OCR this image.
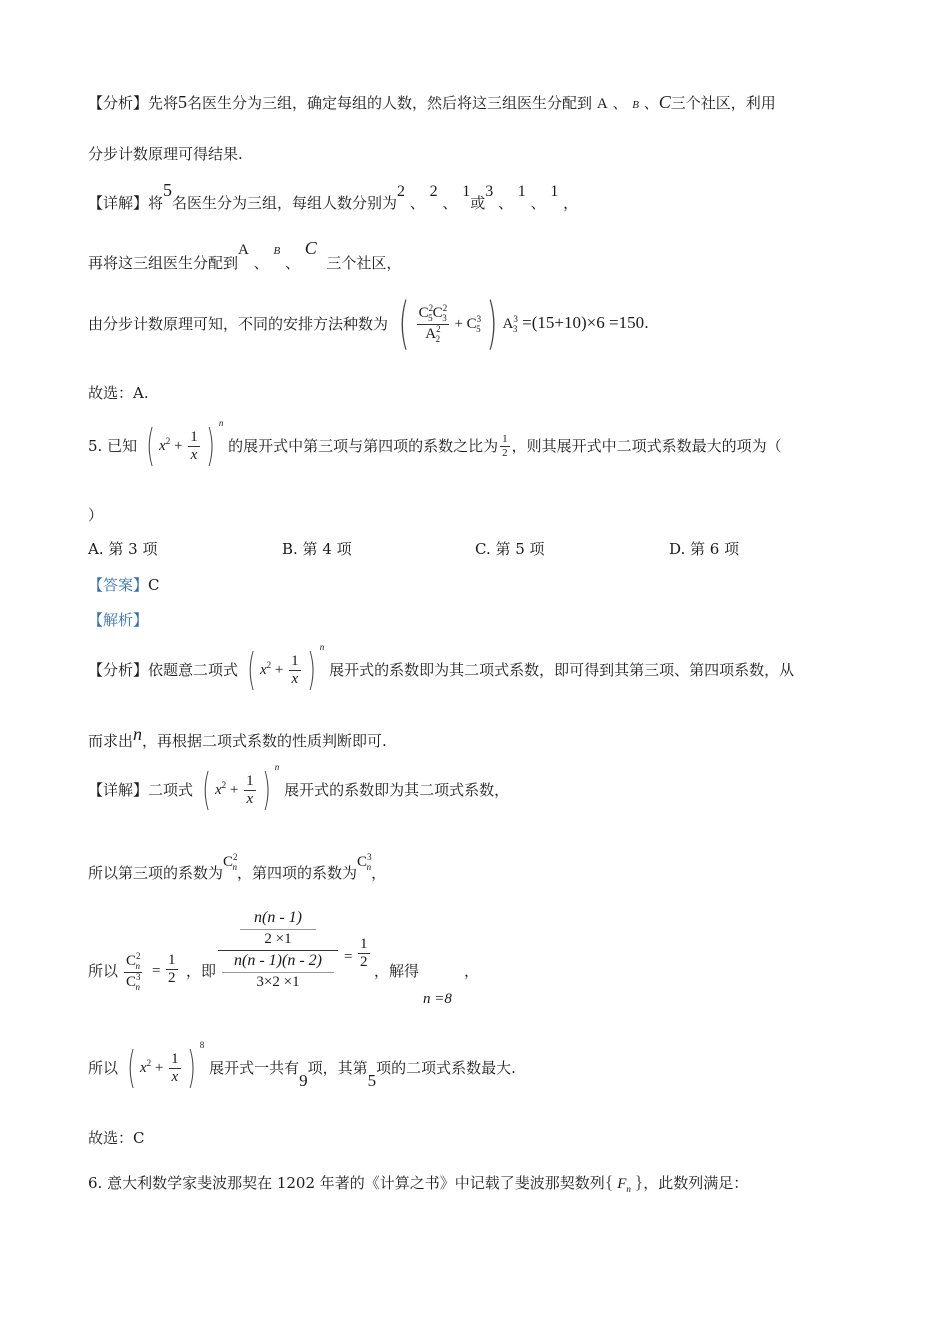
【分析】先将5名医生分为三组，确定每组的人数，然后将这三组医生分配到 A 、 B 、C三个社区，利用
分步计数原理可得结果.
【详解】将5名医生分为三组，每组人数分别为2 、 2 、 1或3 、 1 、 1 ，
再将这三组医生分配到A 、 B 、 C  三个社区，
由分步计数原理可知，不同的安排方法种数为 ( $\frac{C^2_5C^2_3}{A^2_2} + C^3_5$) $A^3_3 =(15+10)\times 6 =150$.
故选：A.
5. 已知 ( $x^2 + \frac{1}{x}$ ) $^n$ 的展开式中第三项与第四项的系数之比为 $\frac{1}{2}$ ，则其展开式中二项式系数最大的项为（
）
A. 第 3 项	B. 第 4 项	C. 第 5 项	D. 第 6 项
【答案】C
【解析】
【分析】依题意二项式 ( $x^2 + \frac{1}{x}$ ) $^n$ 展开式的系数即为其二项式系数，即可得到其第三项、第四项系数，从
而求出n，再根据二项式系数的性质判断即可.
【详解】二项式 ( $x^2 + \frac{1}{x}$ ) $^n$ 展开式的系数即为其二项式系数，
所以第三项的系数为$C^2_n$，第四项的系数为$C^3_n$，
所以 $\frac{C^2_n}{C^3_n} = \frac{1}{2}$ ，即
n(n - 1)
2 ×1
n(n - 1)(n - 2)
3×2 ×1
= $\frac{1}{2}$
，解得	，
n =8
所以 ( $x^2 + \frac{1}{x}$ ) $^8$ 展开式一共有9项，其第5项的二项式系数最大.
故选：C
6. 意大利数学家斐波那契在 1202 年著的《计算之书》中记载了斐波那契数列{ $F_n$ }，此数列满足：
